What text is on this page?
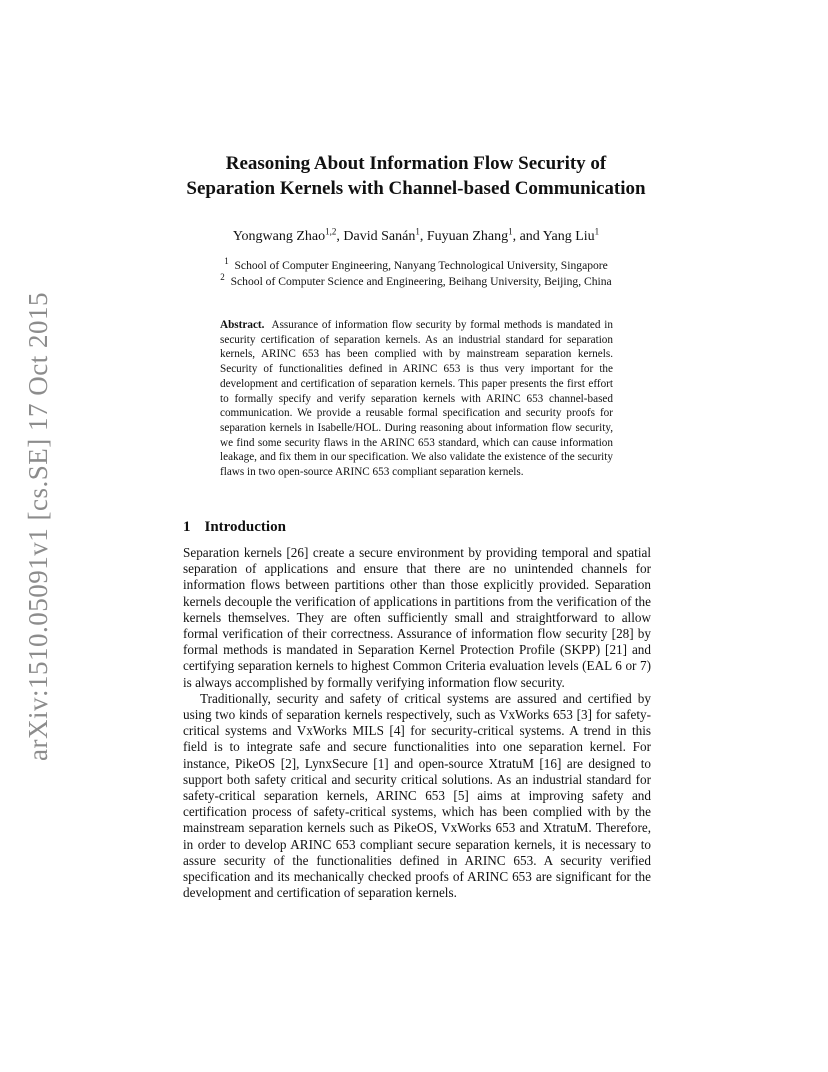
arXiv:1510.05091v1 [cs.SE] 17 Oct 2015

Reasoning About Information Flow Security of

Separation Kernels with Channel-based Communication

Yongwang Zhao$^{1,2}$, David Sanán$^1$, Fuyuan Zhang$^1$, and Yang Liu$^1$

$^1$ School of Computer Engineering, Nanyang Technological University, Singapore

$^2$ School of Computer Science and Engineering, Beihang University, Beijing, China

Abstract. Assurance of information flow security by formal methods is mandated in security certification of separation kernels. As an industrial standard for separation kernels, ARINC 653 has been complied with by mainstream separation kernels. Security of functionalities defined in ARINC 653 is thus very important for the development and certification of separation kernels. This paper presents the first effort to formally specify and verify separation kernels with ARINC 653 channel-based communication. We provide a reusable formal specification and security proofs for separation kernels in Isabelle/HOL. During reasoning about information flow security, we find some security flaws in the ARINC 653 standard, which can cause information leakage, and fix them in our specification. We also validate the existence of the security flaws in two open-source ARINC 653 compliant separation kernels.
1 Introduction

Separation kernels [26] create a secure environment by providing temporal and spatial separation of applications and ensure that there are no unintended channels for information flows between partitions other than those explicitly provided. Separation kernels decouple the verification of applications in partitions from the verification of the kernels themselves. They are often sufficiently small and straightforward to allow formal verification of their correctness. Assurance of information flow security [28] by formal methods is mandated in Separation Kernel Protection Profile (SKPP) [21] and certifying separation kernels to highest Common Criteria evaluation levels (EAL 6 or 7) is always accomplished by formally verifying information flow security.

Traditionally, security and safety of critical systems are assured and certified by using two kinds of separation kernels respectively, such as VxWorks 653 [3] for safety-critical systems and VxWorks MILS [4] for security-critical systems. A trend in this field is to integrate safe and secure functionalities into one separation kernel. For instance, PikeOS [2], LynxSecure [1] and open-source XtratuM [16] are designed to support both safety critical and security critical solutions. As an industrial standard for safety-critical separation kernels, ARINC 653 [5] aims at improving safety and certification process of safety-critical systems, which has been complied with by the mainstream separation kernels such as PikeOS, VxWorks 653 and XtratuM. Therefore, in order to develop ARINC 653 compliant secure separation kernels, it is necessary to assure security of the functionalities defined in ARINC 653. A security verified specification and its mechanically checked proofs of ARINC 653 are significant for the development and certification of separation kernels.
